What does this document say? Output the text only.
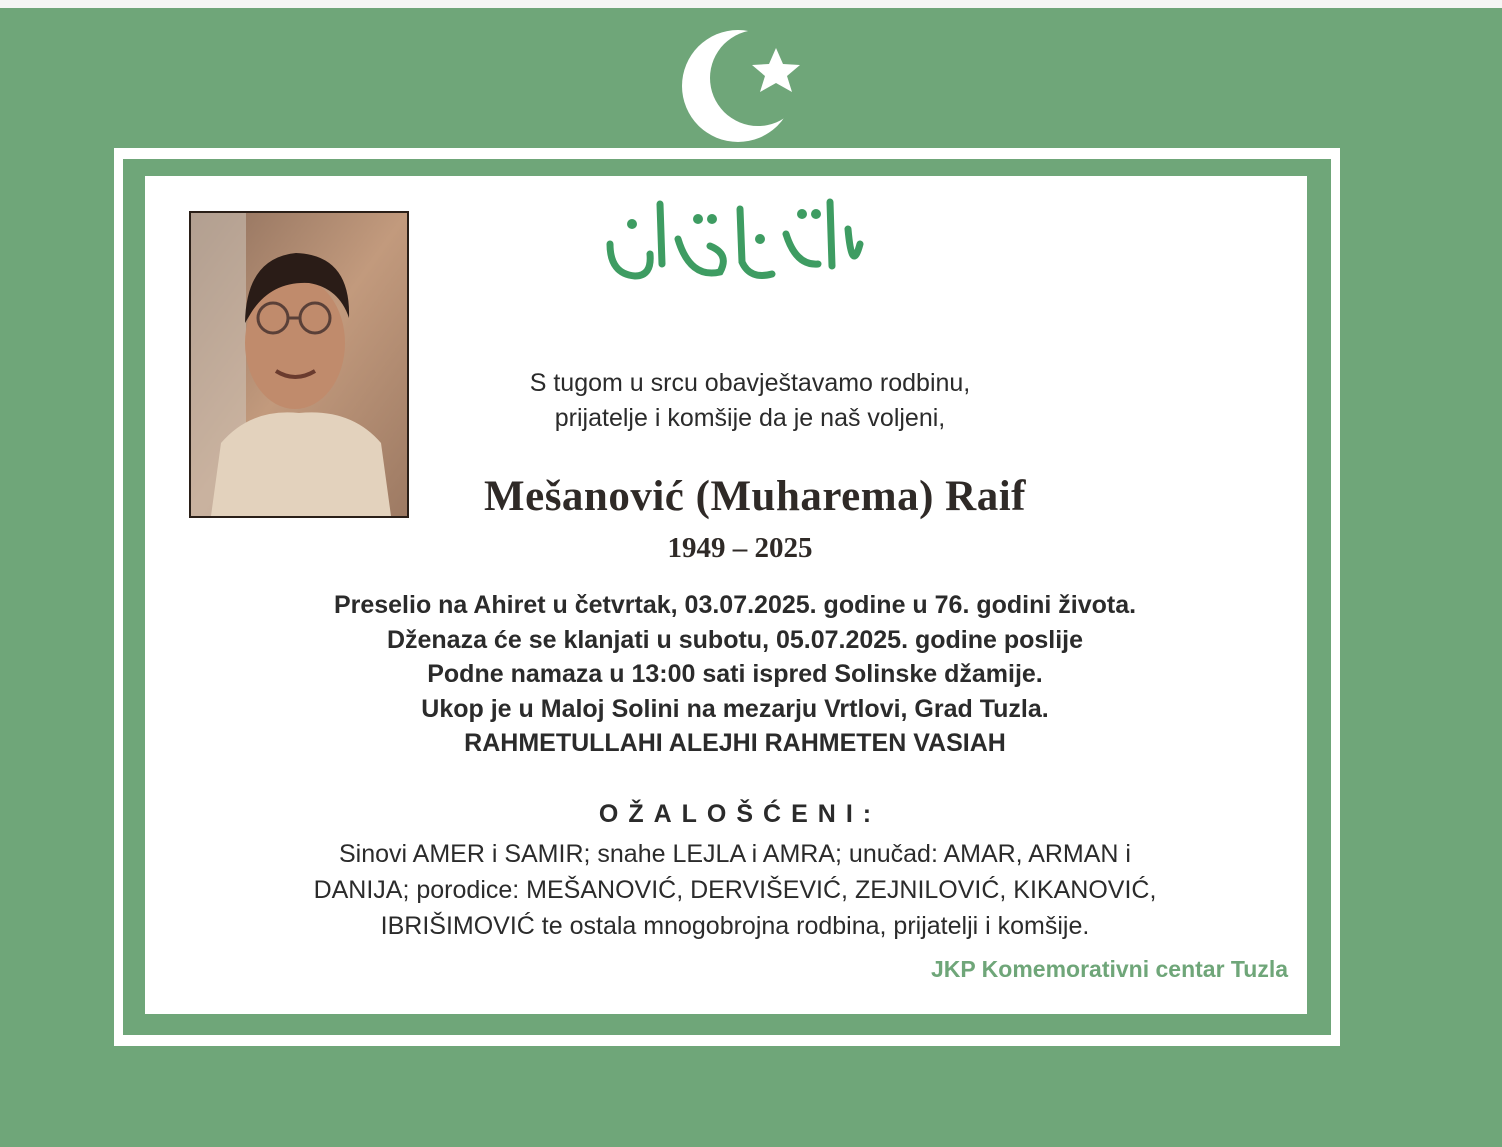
S tugom u srcu obavještavamo rodbinu,
prijatelje i komšije da je naš voljeni,
Mešanović (Muharema) Raif
1949 – 2025
Preselio na Ahiret u četvrtak, 03.07.2025. godine u 76. godini života.
Dženaza će se klanjati u subotu, 05.07.2025. godine poslije
Podne namaza u 13:00 sati ispred Solinske džamije.
Ukop je u Maloj Solini na mezarju Vrtlovi, Grad Tuzla.
RAHMETULLAHI ALEJHI RAHMETEN VASIAH
OŽALOŠĆENI:
Sinovi AMER i SAMIR; snahe LEJLA i AMRA; unučad: AMAR, ARMAN i
DANIJA; porodice: MEŠANOVIĆ, DERVIŠEVIĆ, ZEJNILOVIĆ, KIKANOVIĆ,
IBRIŠIMOVIĆ te ostala mnogobrojna rodbina, prijatelji i komšije.
JKP Komemorativni centar Tuzla
